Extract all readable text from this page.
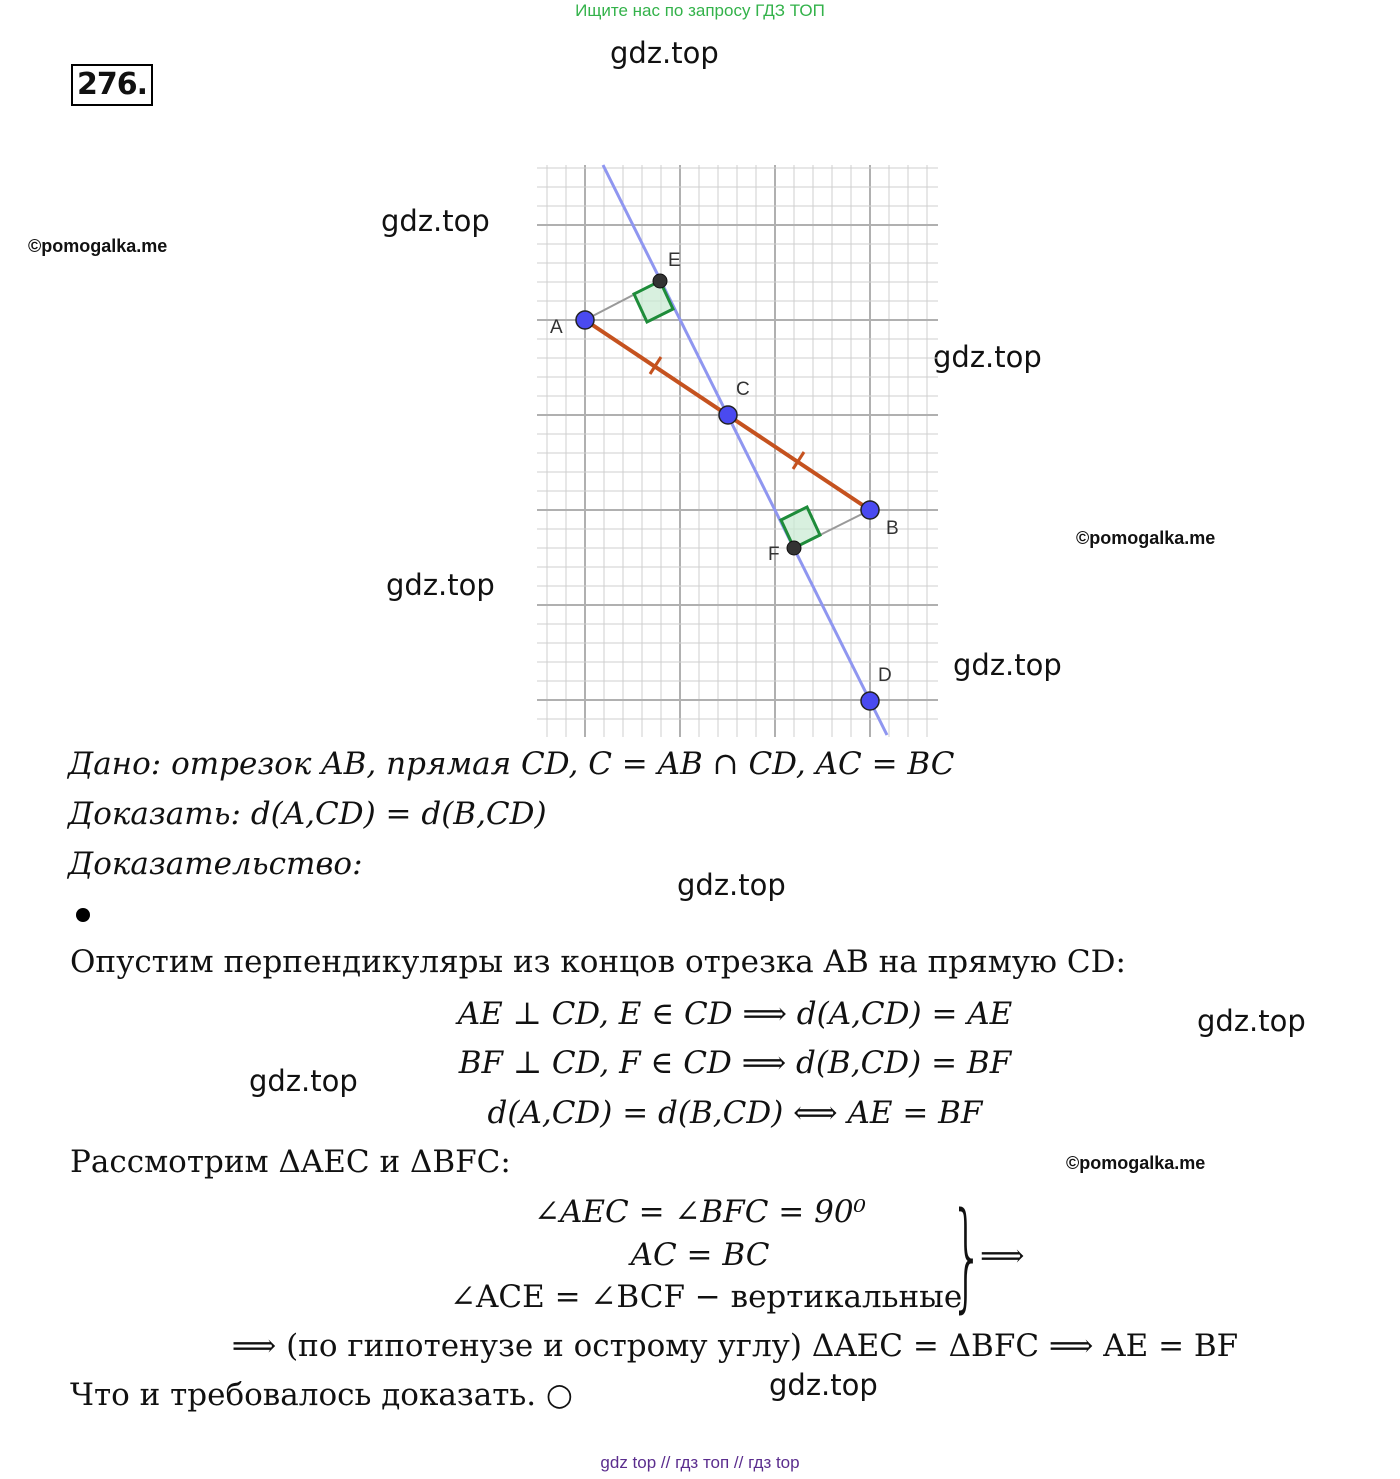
Ищите нас по запросу ГДЗ ТОП
276.
gdz.top
gdz.top
©pomogalka.me
gdz.top
©pomogalka.me
gdz.top
gdz.top
gdz.top
gdz.top
gdz.top
©pomogalka.me
gdz.top
A
B
C
D
E
F
Дано: отрезок AB, прямая CD, C = AB ∩ CD, AC = BC
Доказать: d(A,CD) = d(B,CD)
Доказательство:
Опустим перпендикуляры из концов отрезка AB на прямую CD:
AE ⊥ CD, E ∈ CD ⟹ d(A,CD) = AE
BF ⊥ CD, F ∈ CD ⟹ d(B,CD) = BF
d(A,CD) = d(B,CD) ⟺ AE = BF
Рассмотрим ΔAEC и ΔBFC:
∠AEC = ∠BFC = 90⁰
AC = BC
∠ACE = ∠BCF − вертикальные
}
⟹
⟹ (по гипотенузе и острому углу) ΔAEC = ΔBFC ⟹ AE = BF
Что и требовалось доказать. ○
gdz top // гдз топ // гдз top
